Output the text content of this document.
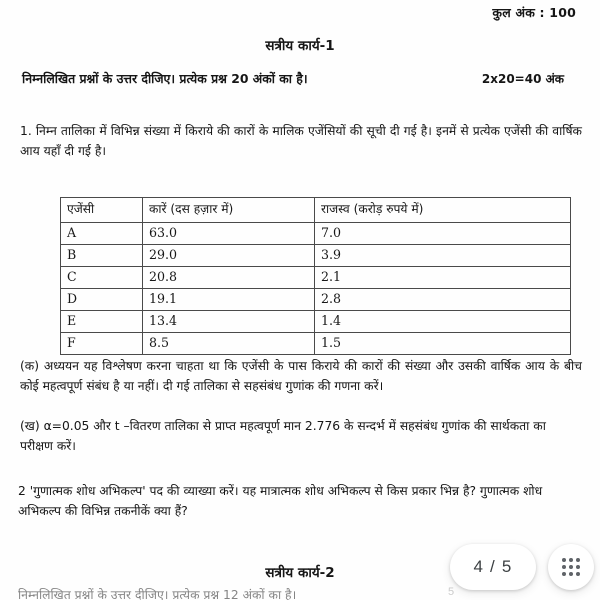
कुल अंक : 100
सत्रीय कार्य-1
निम्नलिखित प्रश्नों के उत्तर दीजिए। प्रत्येक प्रश्न 20 अंकों का है।	2x20=40 अंक
1. निम्न तालिका में विभिन्न संख्या में किराये की कारों के मालिक एजेंसियों की सूची दी गई है। इनमें से प्रत्येक एजेंसी की वार्षिक आय यहाँ दी गई है।
एजेंसी	कारें (दस हज़ार में)	राजस्व (करोड़ रुपये में)
A	63.0	7.0
B	29.0	3.9
C	20.8	2.1
D	19.1	2.8
E	13.4	1.4
F	8.5	1.5
(क) अध्ययन यह विश्लेषण करना चाहता था कि एजेंसी के पास किराये की कारों की संख्या और उसकी वार्षिक आय के बीच कोई महत्वपूर्ण संबंध है या नहीं। दी गई तालिका से सहसंबंध गुणांक की गणना करें।
(ख) α=0.05 और t –वितरण तालिका से प्राप्त महत्वपूर्ण मान 2.776 के सन्दर्भ में सहसंबंध गुणांक की सार्थकता का परीक्षण करें।
2 'गुणात्मक शोध अभिकल्प' पद की व्याख्या करें। यह मात्रात्मक शोध अभिकल्प से किस प्रकार भिन्न है? गुणात्मक शोध अभिकल्प की विभिन्न तकनीकें क्या हैं?
सत्रीय कार्य-2
निम्नलिखित प्रश्नों के उत्तर दीजिए। प्रत्येक प्रश्न 12 अंकों का है।	5
4 / 5
